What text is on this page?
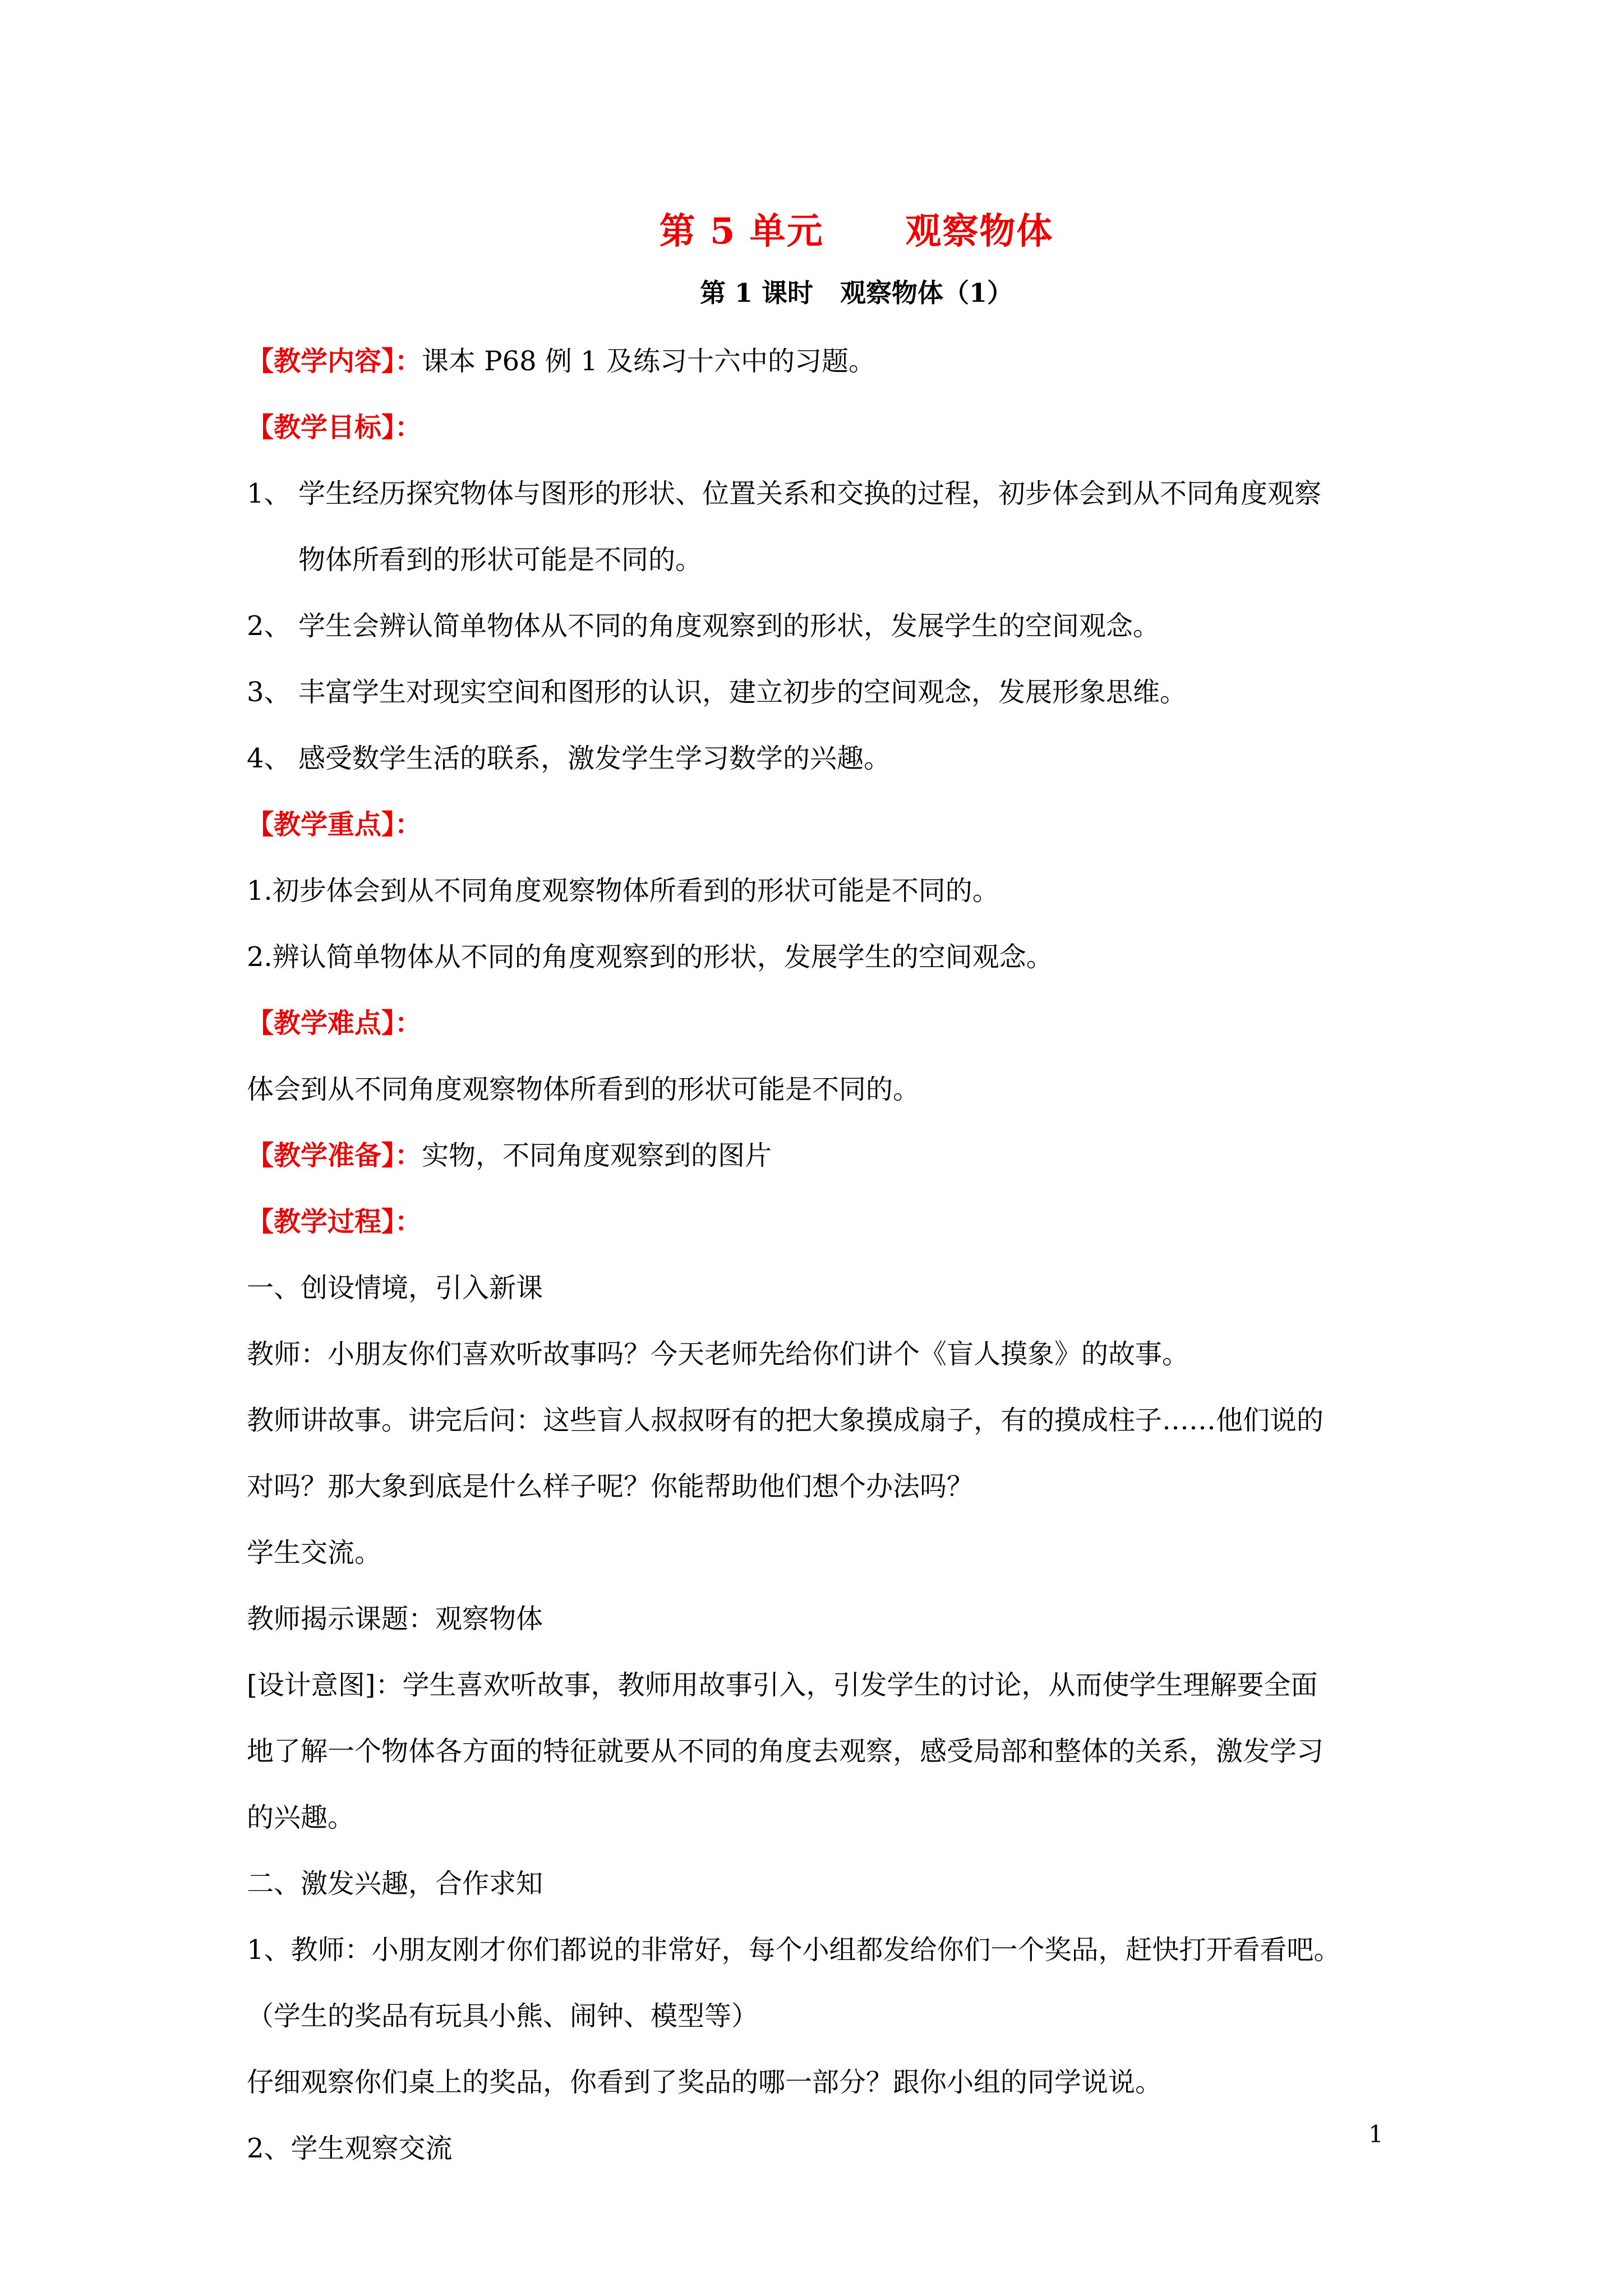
第 5 单元 观察物体
第 1 课时 观察物体（1）
【教学内容】：课本 P68 例 1 及练习十六中的习题。
【教学目标】：
1、 学生经历探究物体与图形的形状、位置关系和交换的过程，初步体会到从不同角度观察
物体所看到的形状可能是不同的。
2、 学生会辨认简单物体从不同的角度观察到的形状，发展学生的空间观念。
3、 丰富学生对现实空间和图形的认识，建立初步的空间观念，发展形象思维。
4、 感受数学生活的联系，激发学生学习数学的兴趣。
【教学重点】：
1.初步体会到从不同角度观察物体所看到的形状可能是不同的。
2.辨认简单物体从不同的角度观察到的形状，发展学生的空间观念。
【教学难点】：
体会到从不同角度观察物体所看到的形状可能是不同的。
【教学准备】：实物，不同角度观察到的图片
【教学过程】：
一、创设情境，引入新课
教师：小朋友你们喜欢听故事吗？今天老师先给你们讲个《盲人摸象》的故事。
教师讲故事。讲完后问：这些盲人叔叔呀有的把大象摸成扇子，有的摸成柱子……他们说的
对吗？那大象到底是什么样子呢？你能帮助他们想个办法吗？
学生交流。
教师揭示课题：观察物体
[设计意图]：学生喜欢听故事，教师用故事引入，引发学生的讨论，从而使学生理解要全面
地了解一个物体各方面的特征就要从不同的角度去观察，感受局部和整体的关系，激发学习
的兴趣。
二、激发兴趣，合作求知
1、教师：小朋友刚才你们都说的非常好，每个小组都发给你们一个奖品，赶快打开看看吧。
（学生的奖品有玩具小熊、闹钟、模型等）
仔细观察你们桌上的奖品，你看到了奖品的哪一部分？跟你小组的同学说说。
2、学生观察交流	1
